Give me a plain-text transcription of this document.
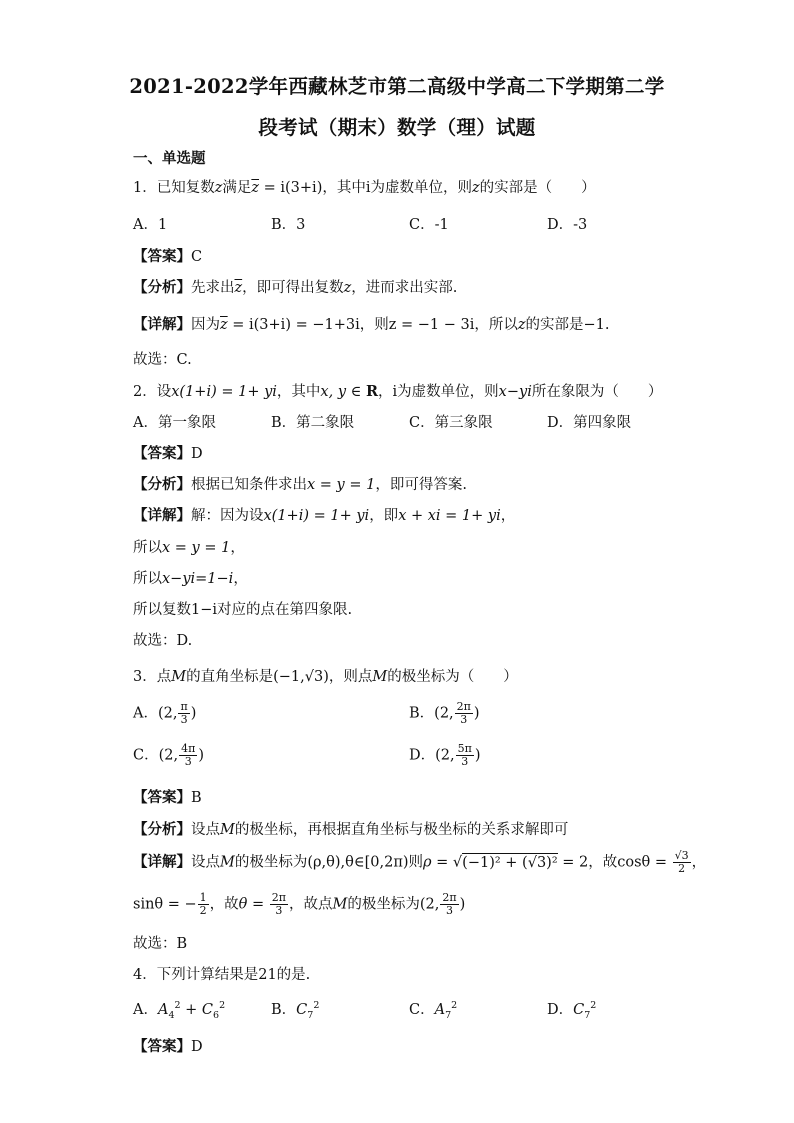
2021-2022学年西藏林芝市第二高级中学高二下学期第二学
段考试（期末）数学（理）试题
一、单选题
1．已知复数z满足$\overline{z} = i(3+i)$，其中i为虚数单位，则z的实部是（　　）
A．1	B．3	C．-1	D．-3
【答案】C
【分析】先求出$\overline{z}$，即可得出复数z，进而求出实部.
【详解】因为$\overline{z} = i(3+i) = -1+3i$，则z = −1 − 3i，所以z的实部是−1.
故选：C.
2．设x(1+i) = 1+ yi，其中x, y ∈ R，i为虚数单位，则x−yi所在象限为（　　）
A．第一象限	B．第二象限	C．第三象限	D．第四象限
【答案】D
【分析】根据已知条件求出x = y = 1，即可得答案.
【详解】解：因为设x(1+i) = 1+ yi，即x + xi = 1+ yi，
所以x = y = 1，
所以x−yi=1−i，
所以复数1−i对应的点在第四象限.
故选：D.
3．点M的直角坐标是(−1,√3)，则点M的极坐标为（　　）
A．(2, $\frac{\pi}{3}$ )	B．(2, $\frac{2\pi}{3}$ )
C．(2, $\frac{4\pi}{3}$ )	D．(2, $\frac{5\pi}{3}$ )
【答案】B
【分析】设点M的极坐标，再根据直角坐标与极坐标的关系求解即可
【详解】设点M的极坐标为(ρ,θ),θ∈[0,2π)则ρ = √(−1)² + (√3)² = 2，故$\cos\theta = \frac{√3}{2}$ ，
sinθ = − $\frac{1}{2}$ ，故$\theta = \frac{2\pi}{3}$ ，故点M的极坐标为(2, $\frac{2\pi}{3}$ )
故选：B
4．下列计算结果是21的是.
A．$A_4^2 + C_6^2$	B．$C_7^2$	C．$A_7^2$	D．$C_7^2$
【答案】D
